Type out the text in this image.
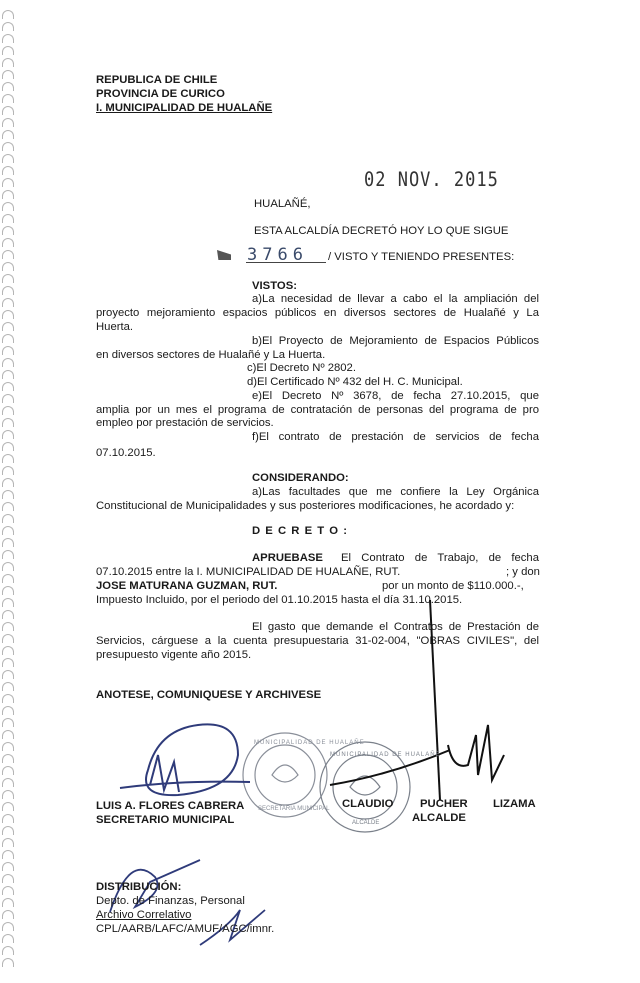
REPUBLICA DE CHILE
PROVINCIA DE CURICO
I. MUNICIPALIDAD DE HUALAÑE
02 NOV. 2015
HUALAÑÉ,
ESTA ALCALDÍA DECRETÓ HOY LO QUE SIGUE
3766 / VISTO Y TENIENDO PRESENTES:
VISTOS:
a)La necesidad de llevar a cabo el la ampliación del
proyecto mejoramiento espacios públicos en diversos sectores de Hualañé y La
Huerta.
b)El Proyecto de Mejoramiento de Espacios Públicos
en diversos sectores de Hualañé y La Huerta.
c)El Decreto Nº 2802.
d)El Certificado Nº 432 del H. C. Municipal.
e)El Decreto Nº 3678, de fecha 27.10.2015, que
amplia por un mes el programa de contratación de personas del programa de pro
empleo por prestación de servicios.
f)El contrato de prestación de servicios de fecha
07.10.2015.
CONSIDERANDO:
a)Las facultades que me confiere la Ley Orgánica
Constitucional de Municipalidades y sus posteriores modificaciones, he acordado y:
D E C R E T O :
APRUEBASE El Contrato de Trabajo, de fecha
07.10.2015 entre la I. MUNICIPALIDAD DE HUALAÑE, RUT.	; y don
JOSE MATURANA GUZMAN, RUT.	por un monto de $110.000.-,
Impuesto Incluido, por el periodo del 01.10.2015 hasta el día 31.10.2015.
El gasto que demande el Contratos de Prestación de
Servicios, cárguese a la cuenta presupuestaria 31-02-004, "OBRAS CIVILES", del
presupuesto vigente año 2015.
ANOTESE, COMUNIQUESE Y ARCHIVESE
MUNICIPALIDAD DE HUALAÑE
SECRETARIA MUNICIPAL
MUNICIPALIDAD DE HUALAÑE
ALCALDE
LUIS A. FLORES CABRERA
SECRETARIO MUNICIPAL
CLAUDIO PUCHER LIZAMA
ALCALDE
DISTRIBUCIÓN:
Depto. de Finanzas, Personal
Archivo Correlativo
CPL/AARB/LAFC/AMUF/AGC/imnr.
